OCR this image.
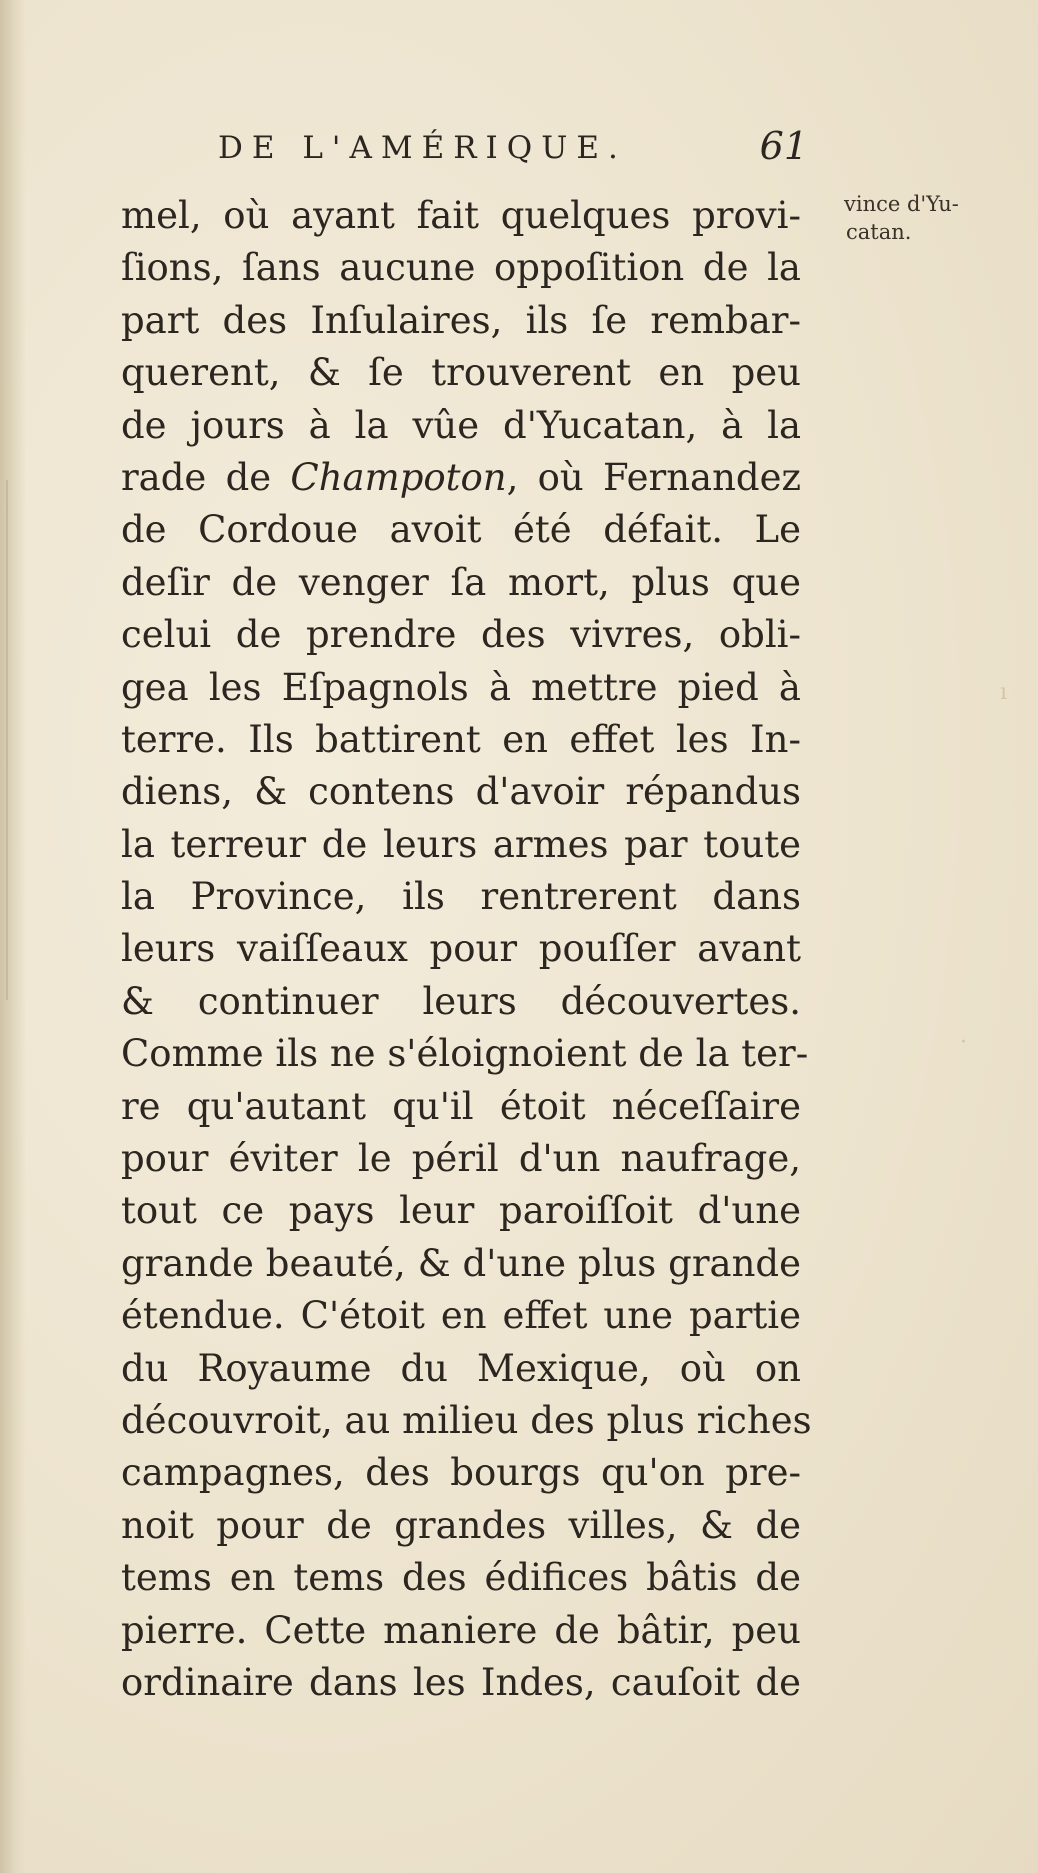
DE L'AMÉRIQUE.	61
vince d'Yu-
catan.
mel, où ayant fait quelques provi-
ſions, ſans aucune oppoſition de la
part des Inſulaires, ils ſe rembar-
querent, & ſe trouverent en peu
de jours à la vûe d'Yucatan, à la
rade de Champoton, où Fernandez
de Cordoue avoit été défait. Le
deſir de venger ſa mort, plus que
celui de prendre des vivres, obli-
gea les Eſpagnols à mettre pied à
terre. Ils battirent en effet les In-
diens, & contens d'avoir répandus
la terreur de leurs armes par toute
la Province, ils rentrerent dans
leurs vaiſſeaux pour pouſſer avant
& continuer leurs découvertes.
Comme ils ne s'éloignoient de la ter-
re qu'autant qu'il étoit néceſſaire
pour éviter le péril d'un naufrage,
tout ce pays leur paroiſſoit d'une
grande beauté, & d'une plus grande
étendue. C'étoit en effet une partie
du Royaume du Mexique, où on
découvroit, au milieu des plus riches
campagnes, des bourgs qu'on pre-
noit pour de grandes villes, & de
tems en tems des édifices bâtis de
pierre. Cette maniere de bâtir, peu
ordinaire dans les Indes, cauſoit de
ı
·
